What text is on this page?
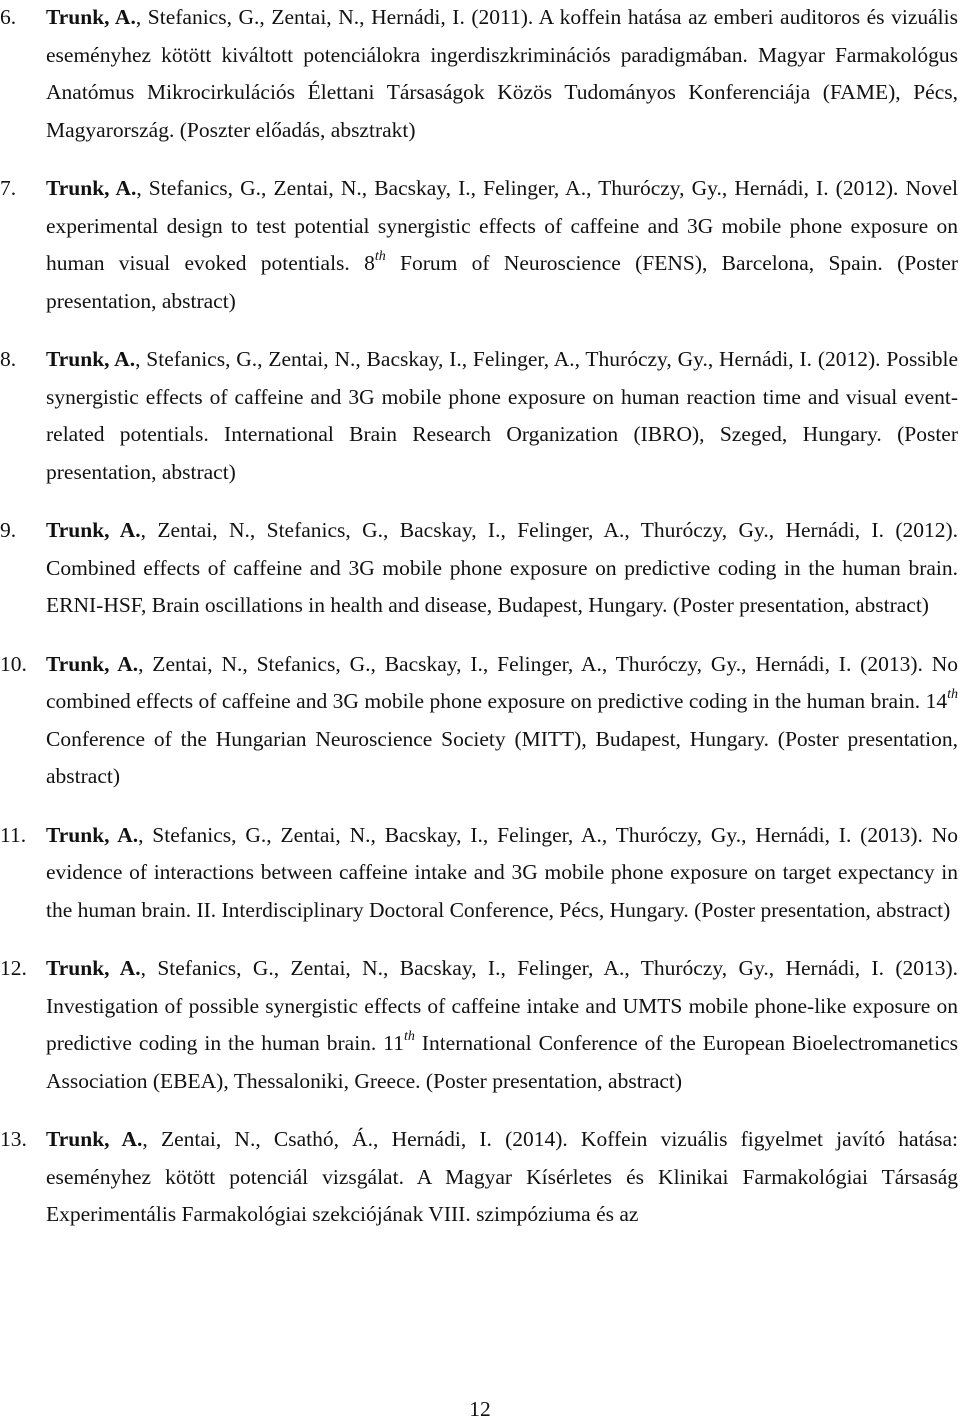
6.	Trunk, A., Stefanics, G., Zentai, N., Hernádi, I. (2011). A koffein hatása az emberi auditoros és vizuális eseményhez kötött kiváltott potenciálokra ingerdiszkriminációs paradigmában. Magyar Farmakológus Anatómus Mikrocirkulációs Élettani Társaságok Közös Tudományos Konferenciája (FAME), Pécs, Magyarország. (Poszter előadás, absztrakt)
7.	Trunk, A., Stefanics, G., Zentai, N., Bacskay, I., Felinger, A., Thuróczy, Gy., Hernádi, I. (2012). Novel experimental design to test potential synergistic effects of caffeine and 3G mobile phone exposure on human visual evoked potentials. 8th Forum of Neuroscience (FENS), Barcelona, Spain. (Poster presentation, abstract)
8.	Trunk, A., Stefanics, G., Zentai, N., Bacskay, I., Felinger, A., Thuróczy, Gy., Hernádi, I. (2012). Possible synergistic effects of caffeine and 3G mobile phone exposure on human reaction time and visual event-related potentials. International Brain Research Organization (IBRO), Szeged, Hungary. (Poster presentation, abstract)
9.	Trunk, A., Zentai, N., Stefanics, G., Bacskay, I., Felinger, A., Thuróczy, Gy., Hernádi, I. (2012). Combined effects of caffeine and 3G mobile phone exposure on predictive coding in the human brain. ERNI-HSF, Brain oscillations in health and disease, Budapest, Hungary. (Poster presentation, abstract)
10. Trunk, A., Zentai, N., Stefanics, G., Bacskay, I., Felinger, A., Thuróczy, Gy., Hernádi, I. (2013). No combined effects of caffeine and 3G mobile phone exposure on predictive coding in the human brain. 14th Conference of the Hungarian Neuroscience Society (MITT), Budapest, Hungary. (Poster presentation, abstract)
11. Trunk, A., Stefanics, G., Zentai, N., Bacskay, I., Felinger, A., Thuróczy, Gy., Hernádi, I. (2013). No evidence of interactions between caffeine intake and 3G mobile phone exposure on target expectancy in the human brain. II. Interdisciplinary Doctoral Conference, Pécs, Hungary. (Poster presentation, abstract)
12. Trunk, A., Stefanics, G., Zentai, N., Bacskay, I., Felinger, A., Thuróczy, Gy., Hernádi, I. (2013). Investigation of possible synergistic effects of caffeine intake and UMTS mobile phone-like exposure on predictive coding in the human brain. 11th International Conference of the European Bioelectromanetics Association (EBEA), Thessaloniki, Greece. (Poster presentation, abstract)
13. Trunk, A., Zentai, N., Csathó, Á., Hernádi, I. (2014). Koffein vizuális figyelmet javító hatása: eseményhez kötött potenciál vizsgálat. A Magyar Kísérletes és Klinikai Farmakológiai Társaság Experimentális Farmakológiai szekciójának VIII. szimpóziuma és az
12
